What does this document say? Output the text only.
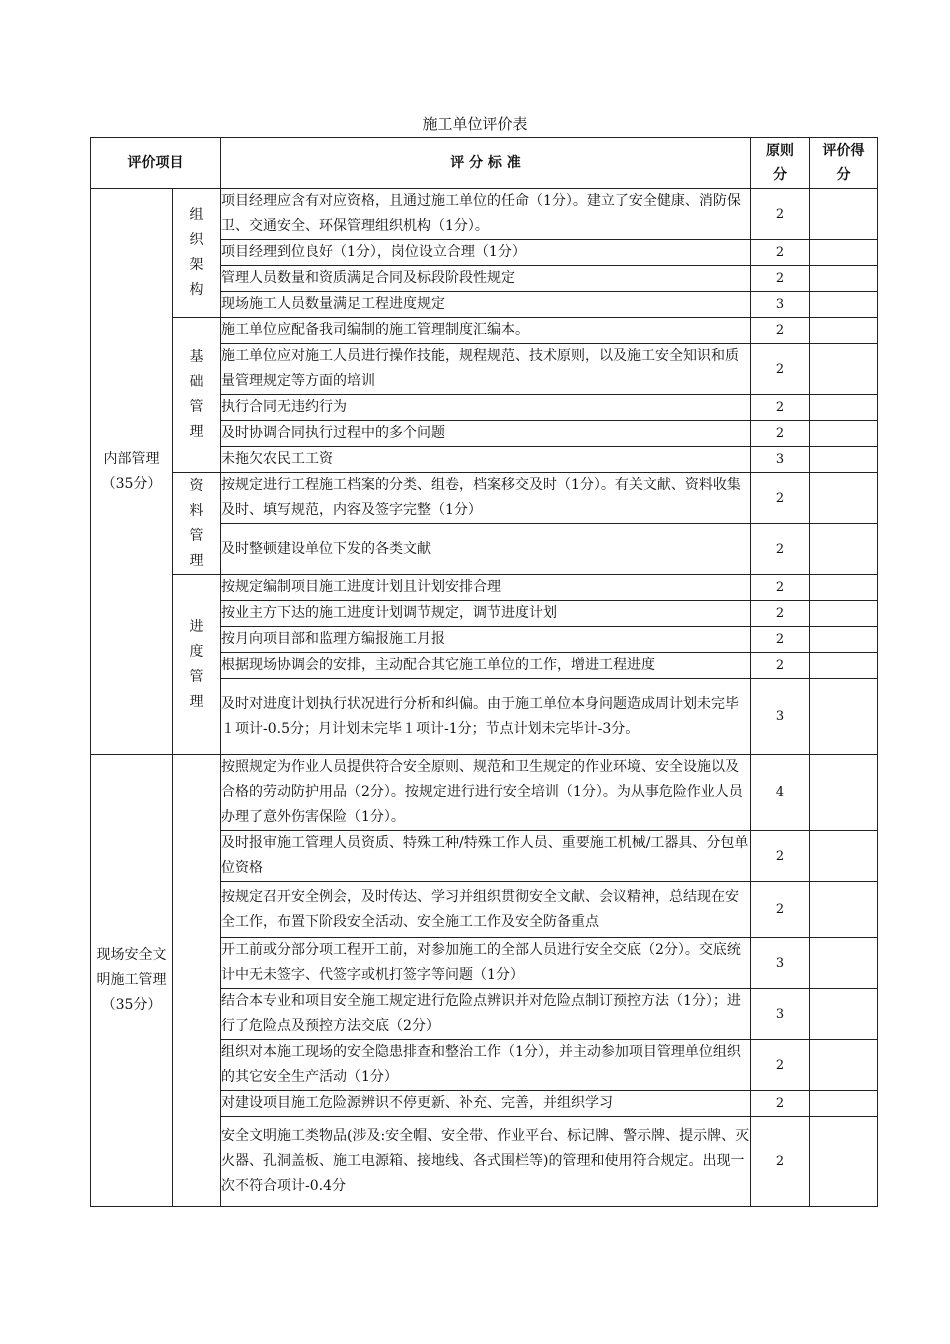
施工单位评价表
评价项目		评 分 标 准	原则分	评价得分
内部管理（35分）	组织架构	项目经理应含有对应资格，且通过施工单位的任命（1分）。建立了安全健康、消防保卫、交通安全、环保管理组织机构（1分）。	2	
		项目经理到位良好（1分），岗位设立合理（1分）	2	
		管理人员数量和资质满足合同及标段阶段性规定	2	
		现场施工人员数量满足工程进度规定	3	
	基础管理	施工单位应配备我司编制的施工管理制度汇编本。	2	
		施工单位应对施工人员进行操作技能，规程规范、技术原则，以及施工安全知识和质量管理规定等方面的培训	2	
		执行合同无违约行为	2	
		及时协调合同执行过程中的多个问题	2	
		未拖欠农民工工资	3	
	资料管理	按规定进行工程施工档案的分类、组卷，档案移交及时（1分）。有关文献、资料收集及时、填写规范，内容及签字完整（1分）	2	
		及时整顿建设单位下发的各类文献	2	
	进度管理	按规定编制项目施工进度计划且计划安排合理	2	
		按业主方下达的施工进度计划调节规定，调节进度计划	2	
		按月向项目部和监理方编报施工月报	2	
		根据现场协调会的安排，主动配合其它施工单位的工作，增进工程进度	2	
		及时对进度计划执行状况进行分析和纠偏。由于施工单位本身问题造成周计划未完毕１项计-0.5分；月计划未完毕１项计-1分；节点计划未完毕计-3分。	3	
现场安全文明施工管理（35分）		按照规定为作业人员提供符合安全原则、规范和卫生规定的作业环境、安全设施以及合格的劳动防护用品（2分）。按规定进行进行安全培训（1分）。为从事危险作业人员办理了意外伤害保险（1分）。	4	
		及时报审施工管理人员资质、特殊工种/特殊工作人员、重要施工机械/工器具、分包单位资格	2	
		按规定召开安全例会，及时传达、学习并组织贯彻安全文献、会议精神，总结现在安全工作，布置下阶段安全活动、安全施工工作及安全防备重点	2	
		开工前或分部分项工程开工前，对参加施工的全部人员进行安全交底（2分）。交底统计中无未签字、代签字或机打签字等问题（1分）	3	
		结合本专业和项目安全施工规定进行危险点辨识并对危险点制订预控方法（1分）；进行了危险点及预控方法交底（2分）	3	
		组织对本施工现场的安全隐患排查和整治工作（1分），并主动参加项目管理单位组织的其它安全生产活动（1分）	2	
		对建设项目施工危险源辨识不停更新、补充、完善，并组织学习	2	
		安全文明施工类物品(涉及:安全帽、安全带、作业平台、标记牌、警示牌、提示牌、灭火器、孔洞盖板、施工电源箱、接地线、各式围栏等)的管理和使用符合规定。出现一次不符合项计-0.4分	2	
